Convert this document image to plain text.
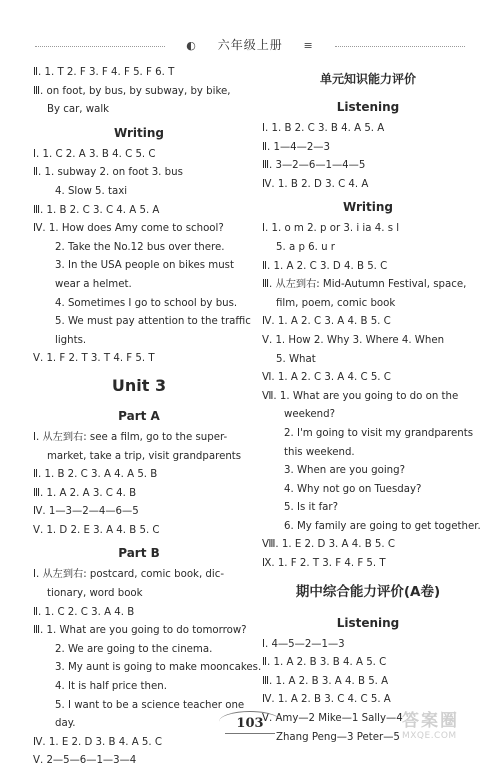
◐ 六年级上册 ≡
Ⅱ. 1. T 2. F 3. F 4. F 5. F 6. T
Ⅲ. on foot, by bus, by subway, by bike,
By car, walk
Writing
Ⅰ. 1. C 2. A 3. B 4. C 5. C
Ⅱ. 1. subway 2. on foot 3. bus
4. Slow 5. taxi
Ⅲ. 1. B 2. C 3. C 4. A 5. A
Ⅳ. 1. How does Amy come to school?
2. Take the No.12 bus over there.
3. In the USA people on bikes must
wear a helmet.
4. Sometimes I go to school by bus.
5. We must pay attention to the traffic
lights.
Ⅴ. 1. F 2. T 3. T 4. F 5. T
Unit 3
Part A
Ⅰ. 从左到右: see a film, go to the super-
market, take a trip, visit grandparents
Ⅱ. 1. B 2. C 3. A 4. A 5. B
Ⅲ. 1. A 2. A 3. C 4. B
Ⅳ. 1—3—2—4—6—5
Ⅴ. 1. D 2. E 3. A 4. B 5. C
Part B
Ⅰ. 从左到右: postcard, comic book, dic-
tionary, word book
Ⅱ. 1. C 2. C 3. A 4. B
Ⅲ. 1. What are you going to do tomorrow?
2. We are going to the cinema.
3. My aunt is going to make mooncakes.
4. It is half price then.
5. I want to be a science teacher one
day.
Ⅳ. 1. E 2. D 3. B 4. A 5. C
Ⅴ. 2—5—6—1—3—4
单元知识能力评价
Listening
Ⅰ. 1. B 2. C 3. B 4. A 5. A
Ⅱ. 1—4—2—3
Ⅲ. 3—2—6—1—4—5
Ⅳ. 1. B 2. D 3. C 4. A
Writing
Ⅰ. 1. o m 2. p or 3. i ia 4. s l
5. a p 6. u r
Ⅱ. 1. A 2. C 3. D 4. B 5. C
Ⅲ. 从左到右: Mid-Autumn Festival, space,
film, poem, comic book
Ⅳ. 1. A 2. C 3. A 4. B 5. C
Ⅴ. 1. How 2. Why 3. Where 4. When
5. What
Ⅵ. 1. A 2. C 3. A 4. C 5. C
Ⅶ. 1. What are you going to do on the
weekend?
2. I'm going to visit my grandparents
this weekend.
3. When are you going?
4. Why not go on Tuesday?
5. Is it far?
6. My family are going to get together.
Ⅷ. 1. E 2. D 3. A 4. B 5. C
Ⅸ. 1. F 2. T 3. F 4. F 5. T
期中综合能力评价(A卷)
Listening
Ⅰ. 4—5—2—1—3
Ⅱ. 1. A 2. B 3. B 4. A 5. C
Ⅲ. 1. A 2. B 3. A 4. B 5. A
Ⅳ. 1. A 2. B 3. C 4. C 5. A
Ⅴ. Amy—2 Mike—1 Sally—4
Zhang Peng—3 Peter—5
103	答案圈
MXQE.COM
